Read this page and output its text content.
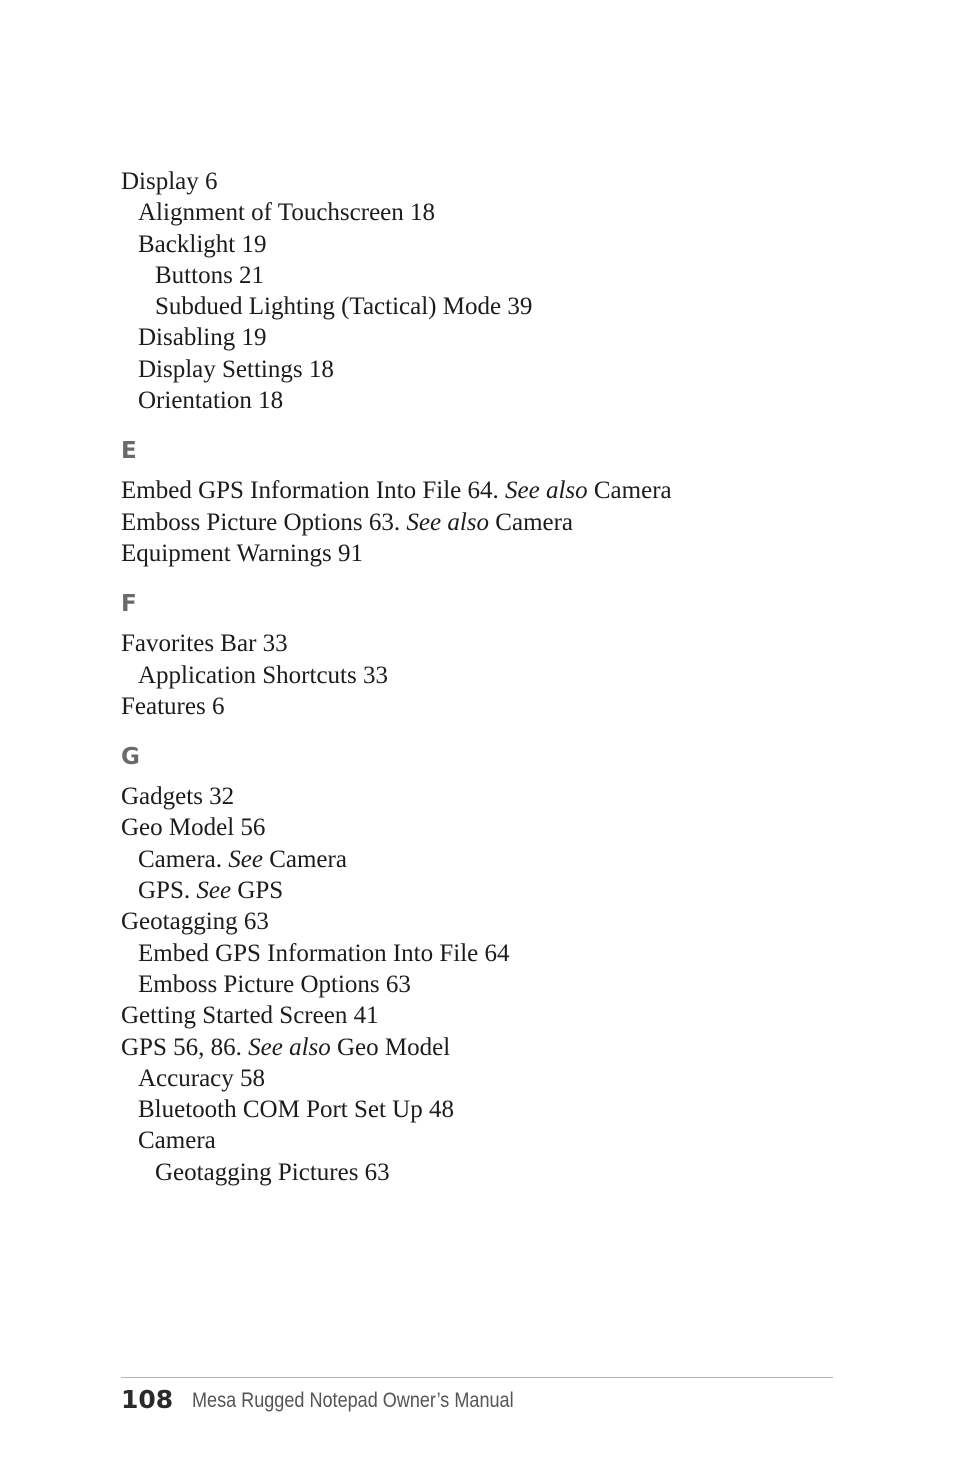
Display 6
Alignment of Touchscreen 18
Backlight 19
Buttons 21
Subdued Lighting (Tactical) Mode 39
Disabling 19
Display Settings 18
Orientation 18
E
Embed GPS Information Into File 64. See also Camera
Emboss Picture Options 63. See also Camera
Equipment Warnings 91
F
Favorites Bar 33
Application Shortcuts 33
Features 6
G
Gadgets 32
Geo Model 56
Camera. See Camera
GPS. See GPS
Geotagging 63
Embed GPS Information Into File 64
Emboss Picture Options 63
Getting Started Screen 41
GPS 56, 86. See also Geo Model
Accuracy 58
Bluetooth COM Port Set Up 48
Camera
Geotagging Pictures 63
108 Mesa Rugged Notepad Owner’s Manual
